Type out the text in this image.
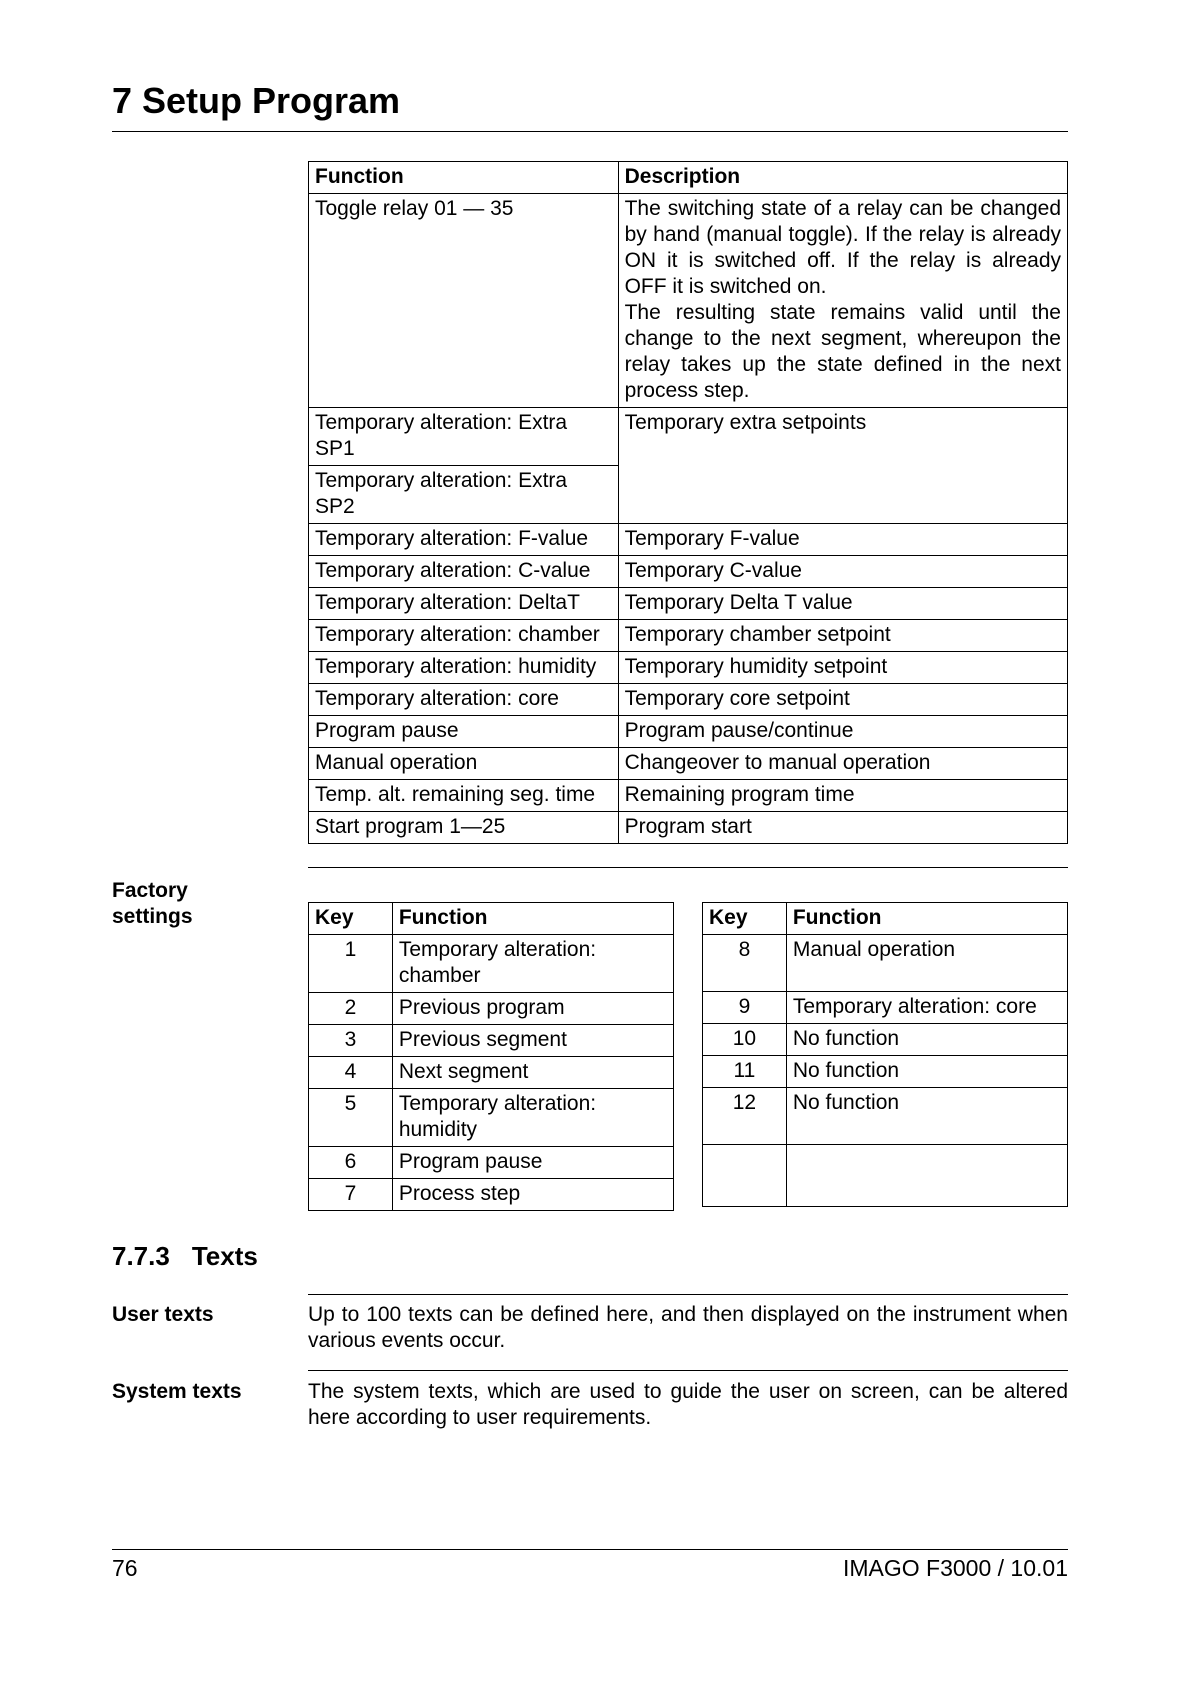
7 Setup Program
Function	Description
Toggle relay 01 — 35	The switching state of a relay can be changed by hand (manual toggle). If the relay is already ON it is switched off. If the relay is already OFF it is switched on.
The resulting state remains valid until the change to the next segment, whereupon the relay takes up the state defined in the next process step.

Temporary alteration: Extra SP1	Temporary extra setpoints
Temporary alteration: Extra SP2	
Temporary alteration: F-value	Temporary F-value
Temporary alteration: C-value	Temporary C-value
Temporary alteration: DeltaT	Temporary Delta T value
Temporary alteration: chamber	Temporary chamber setpoint
Temporary alteration: humidity	Temporary humidity setpoint
Temporary alteration: core	Temporary core setpoint
Program pause	Program pause/continue
Manual operation	Changeover to manual operation
Temp. alt. remaining seg. time	Remaining program time
Start program 1—25	Program start
Factory settings	Key	Function
1	Temporary alteration: chamber
2	Previous program
3	Previous segment
4	Next segment
5	Temporary alteration: humidity
6	Program pause
7	Process step
Key	Function
8	Manual operation
9	Temporary alteration: core
10	No function
11	No function
12	No function

7.7.3 Texts
User texts	Up to 100 texts can be defined here, and then displayed on the instrument when various events occur.
System texts	The system texts, which are used to guide the user on screen, can be altered here according to user requirements.
76	IMAGO F3000 / 10.01
